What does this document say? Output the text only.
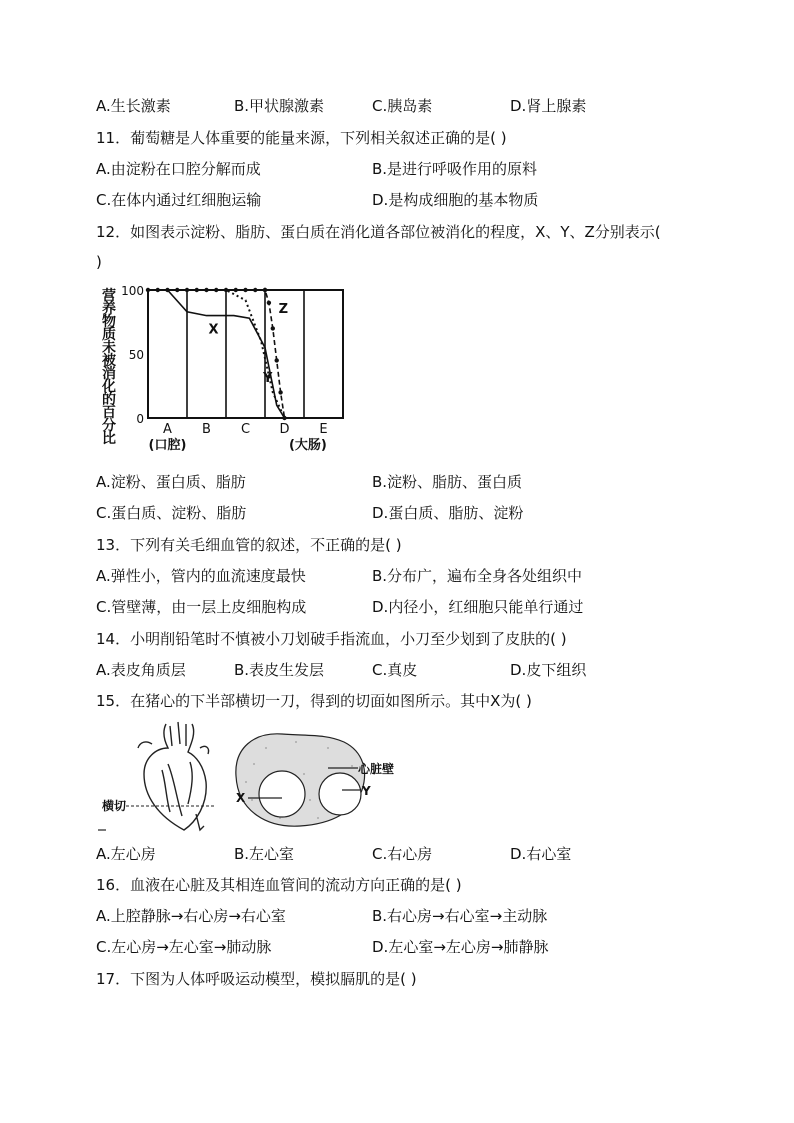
A.生长激素	B.甲状腺激素	C.胰岛素	D.肾上腺素
11．葡萄糖是人体重要的能量来源，下列相关叙述正确的是( )
A.由淀粉在口腔分解而成	B.是进行呼吸作用的原料
C.在体内通过红细胞运输	D.是构成细胞的基本物质
12．如图表示淀粉、脂肪、蛋白质在消化道各部位被消化的程度，X、Y、Z分别表示(
)
营养物质未被消化的百分比
100
50
0
A B C D E
(口腔)	(大肠)
X
Y
Z
A.淀粉、蛋白质、脂肪	B.淀粉、脂肪、蛋白质
C.蛋白质、淀粉、脂肪	D.蛋白质、脂肪、淀粉
13．下列有关毛细血管的叙述，不正确的是( )
A.弹性小，管内的血流速度最快	B.分布广，遍布全身各处组织中
C.管壁薄，由一层上皮细胞构成	D.内径小，红细胞只能单行通过
14．小明削铅笔时不慎被小刀划破手指流血，小刀至少划到了皮肤的( )
A.表皮角质层	B.表皮生发层	C.真皮	D.皮下组织
15．在猪心的下半部横切一刀，得到的切面如图所示。其中X为( )
横切
心脏壁
X	Y
A.左心房	B.左心室	C.右心房	D.右心室
16．血液在心脏及其相连血管间的流动方向正确的是( )
A.上腔静脉→右心房→右心室	B.右心房→右心室→主动脉
C.左心房→左心室→肺动脉	D.左心室→左心房→肺静脉
17．下图为人体呼吸运动模型，模拟膈肌的是( )
